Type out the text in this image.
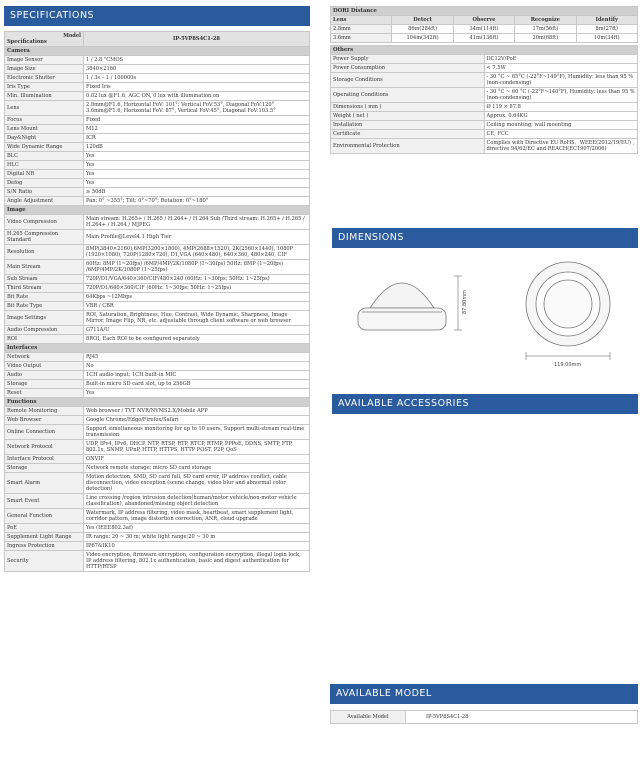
SPECIFICATIONS
Model
Specifications	IP-5VP8S4C1-28
Camera	
Image Sensor	1 / 2.8 "CMOS
Image Size	3840×2160
Electronic Shutter	1 / 3s – 1 / 100000s
Iris Type	Fixed Iris
Min. Illumination	0.02 lux @F1.6, AGC ON, 0 lux with illumination on
Lens	2.8mm@F1.6, Horizontal FoV: 101°; Vertical FoV:53°, Diagonal FoV:120° 3.6mm@F1.6, Horizontal FoV: 87°, Vertical FoV:45°, Diagonal FoV:103.5°
Focus	Fixed
Lens Mount	M12
Day&Night	ICR
Wide Dynamic Range	120dB
BLC	Yes
HLC	Yes
Digital NR	Yes
Defog	Yes
S/N Ratio	≥ 50dB
Angle Adjustment	Pan: 0° ~355°; Tilt: 0°~70°; Rotation: 0°~180°
Image	
Video Compression	Main stream: H.265+ / H.265 / H.264+ / H.264 Sub /Third stream: H.265+ / H.265 / H.264+ / H.264 / MJPEG
H.265 Compression Standard	Main Profile@Level4.1 High Tier
Resolution	8MP(3840×2160),6MP(3200×1800), 4MP(2688×1520), 2K(2560×1440), 1080P (1920×1080), 720P(1280×720), D1,VGA (640×480), 640×360, 480×240, CIF
Main Stream	60Hz: 8MP (1~20fps) /6MP/4MP/2K/1080P (1~30fps) 50Hz: 8MP (1~20fps) /6MP/4MP/2K/1080P (1~25fps)
Sub Stream	720P/D1/VGA/640×360/CIF/480×240 (60Hz: 1~30fps; 50Hz: 1~25fps)
Third Stream	720P/D1/640×360/CIF (60Hz: 1~30fps; 50Hz: 1~25fps)
Bit Rate	64Kbps ~12Mbps
Bit Rate Type	VBR / CBR
Image Settings	ROI, Saturation, Brightness, Hue, Contrast, Wide Dynamic, Sharpness, Image Mirror, Image Flip, NR, etc. adjustable through client software or web browser
Audio Compression	G711A/U
ROI	8ROI, Each ROI to be configured separately
Interfaces	
Network	RJ45
Video Output	No
Audio	1CH audio input; 1CH built-in MIC
Storage	Built-in micro SD card slot, up to 256GB
Reset	Yes
Functions	
Remote Monitoring	Web browser / TVT NVR/NVMS2.X/Mobile APP
Web Browser	Google Chrome/Edge/Firefox/Safari
Online Connection	Support simultaneous monitoring for up to 10 users, Support multi-stream real-time transmission
Network Protocol	UDP, IPv4, IPv6, DHCP, NTP, RTSP, RTP, RTCP, RTMP, PPPoE, DDNS, SMTP, FTP, 802.1x, SNMP, UPnP, HTTP, HTTPS, HTTP POST, P2P, QoS
Interface Protocol	ONVIF
Storage	Network remote storage; micro SD card storage
Smart Alarm	Motion detection, SMD, SD card full, SD card error, IP address conflict, cable disconnection, video exception (scene change, video blur and abnormal color detection)
Smart Event	Line crossing /region intrusion detection(human/motor vehicle/non-motor vehicle classification), abandoned/missing object detection
General Function	Watermark, IP address filtering, video mask, heartbeat, smart supplement light, corridor pattern, image distortion correction, ANR, cloud upgrade
PoE	Yes (IEEE802.3af)
Supplement Light Range	IR range: 20 ~ 30 m; white light range:20 ~ 30 m
Ingress Protection	IP67&IK10
Security	Video encryption, firmware encryption, configuration encryption, illegal login lock, IP address filtering, 802.1x authentication, basic and digest authentication for HTTP/RTSP
DORI Distance				
Lens	Detect	Observe	Recognize	Identify
2.8mm	86m(284ft)	34m(114ft)	17m(56ft)	8m(27ft)
3.6mm	104m(342ft)	41m(136ft)	20m(68ft)	10m(34ft)
Others	
Power Supply	DC12V/PoE
Power Consumption	< 7.5W
Storage Conditions	- 30 °C ~ 65°C (-22°F~149°F), Humidity: less than 95 % (non-condensing)
Operating Conditions	- 30 °C ~ 60 °C (-22°F~140°F), Humidity: less than 95 % (non-condensing)
Dimensions ( mm )	Ø 119 × 87.8
Weight ( net )	Approx. 0.64KG
Installation	Ceiling mounting; wall mounting
Certificate	CE, FCC
Environmental Protection	Complies with Directive EU RoHS、WEEE(2012/19/EU) , directive 94/62/EC and REACH(EC1907/2006)
DIMENSIONS
87.80mm
119.00mm
AVAILABLE ACCESSORIES
AVAILABLE MODEL
Available Model	IP-5VP8S4C1-28
